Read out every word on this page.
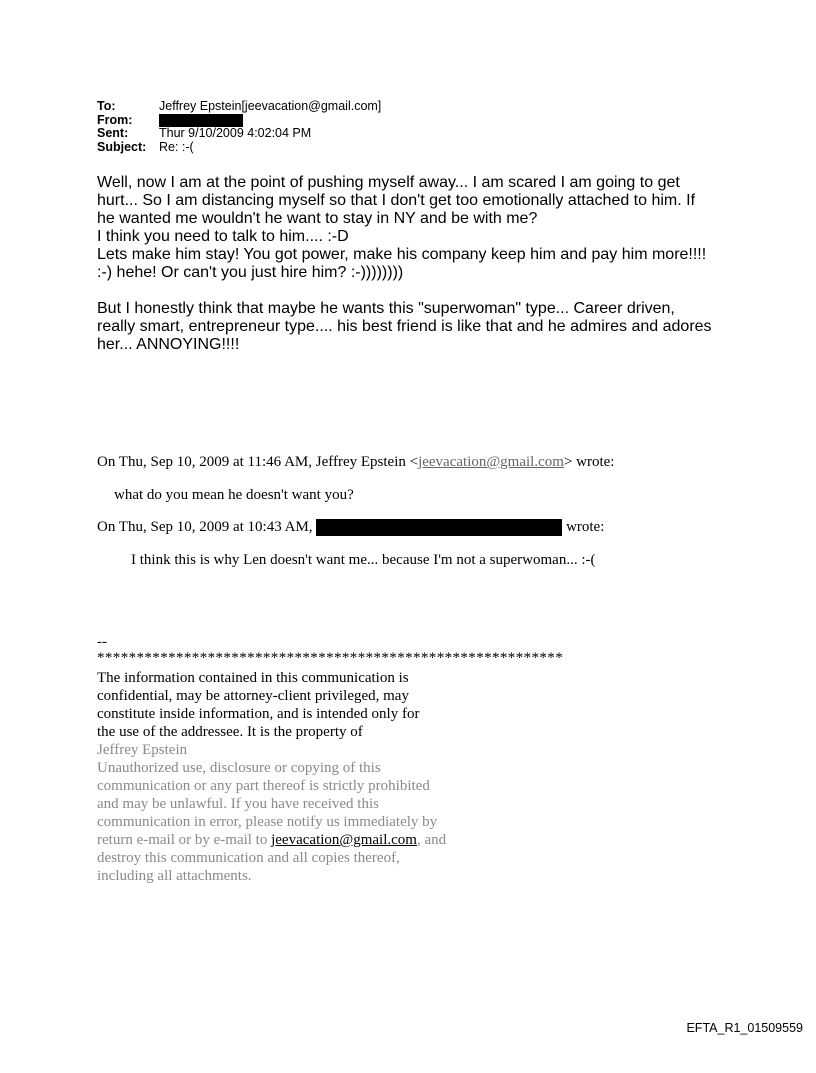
To:	Jeffrey Epstein[jeevacation@gmail.com]
From:
Sent:	Thur 9/10/2009 4:02:04 PM
Subject:	Re: :-(

Well, now I am at the point of pushing myself away... I am scared I am going to get
hurt... So I am distancing myself so that I don't get too emotionally attached to him. If
he wanted me wouldn't he want to stay in NY and be with me?
I think you need to talk to him.... :-D
Lets make him stay! You got power, make his company keep him and pay him more!!!!
:-) hehe! Or can't you just hire him? :-))))))))

But I honestly think that maybe he wants this "superwoman" type... Career driven,
really smart, entrepreneur type.... his best friend is like that and he admires and adores
her... ANNOYING!!!!

On Thu, Sep 10, 2009 at 11:46 AM, Jeffrey Epstein <jeevacation@gmail.com> wrote:
what do you mean he doesn't want you?
On Thu, Sep 10, 2009 at 10:43 AM,	wrote:
I think this is why Len doesn't want me... because I'm not a superwoman... :-(
--
***********************************************************
The information contained in this communication is
confidential, may be attorney-client privileged, may
constitute inside information, and is intended only for
the use of the addressee. It is the property of
Jeffrey Epstein
Unauthorized use, disclosure or copying of this
communication or any part thereof is strictly prohibited
and may be unlawful. If you have received this
communication in error, please notify us immediately by
return e-mail or by e-mail to jeevacation@gmail.com, and
destroy this communication and all copies thereof,
including all attachments.
EFTA_R1_01509559
